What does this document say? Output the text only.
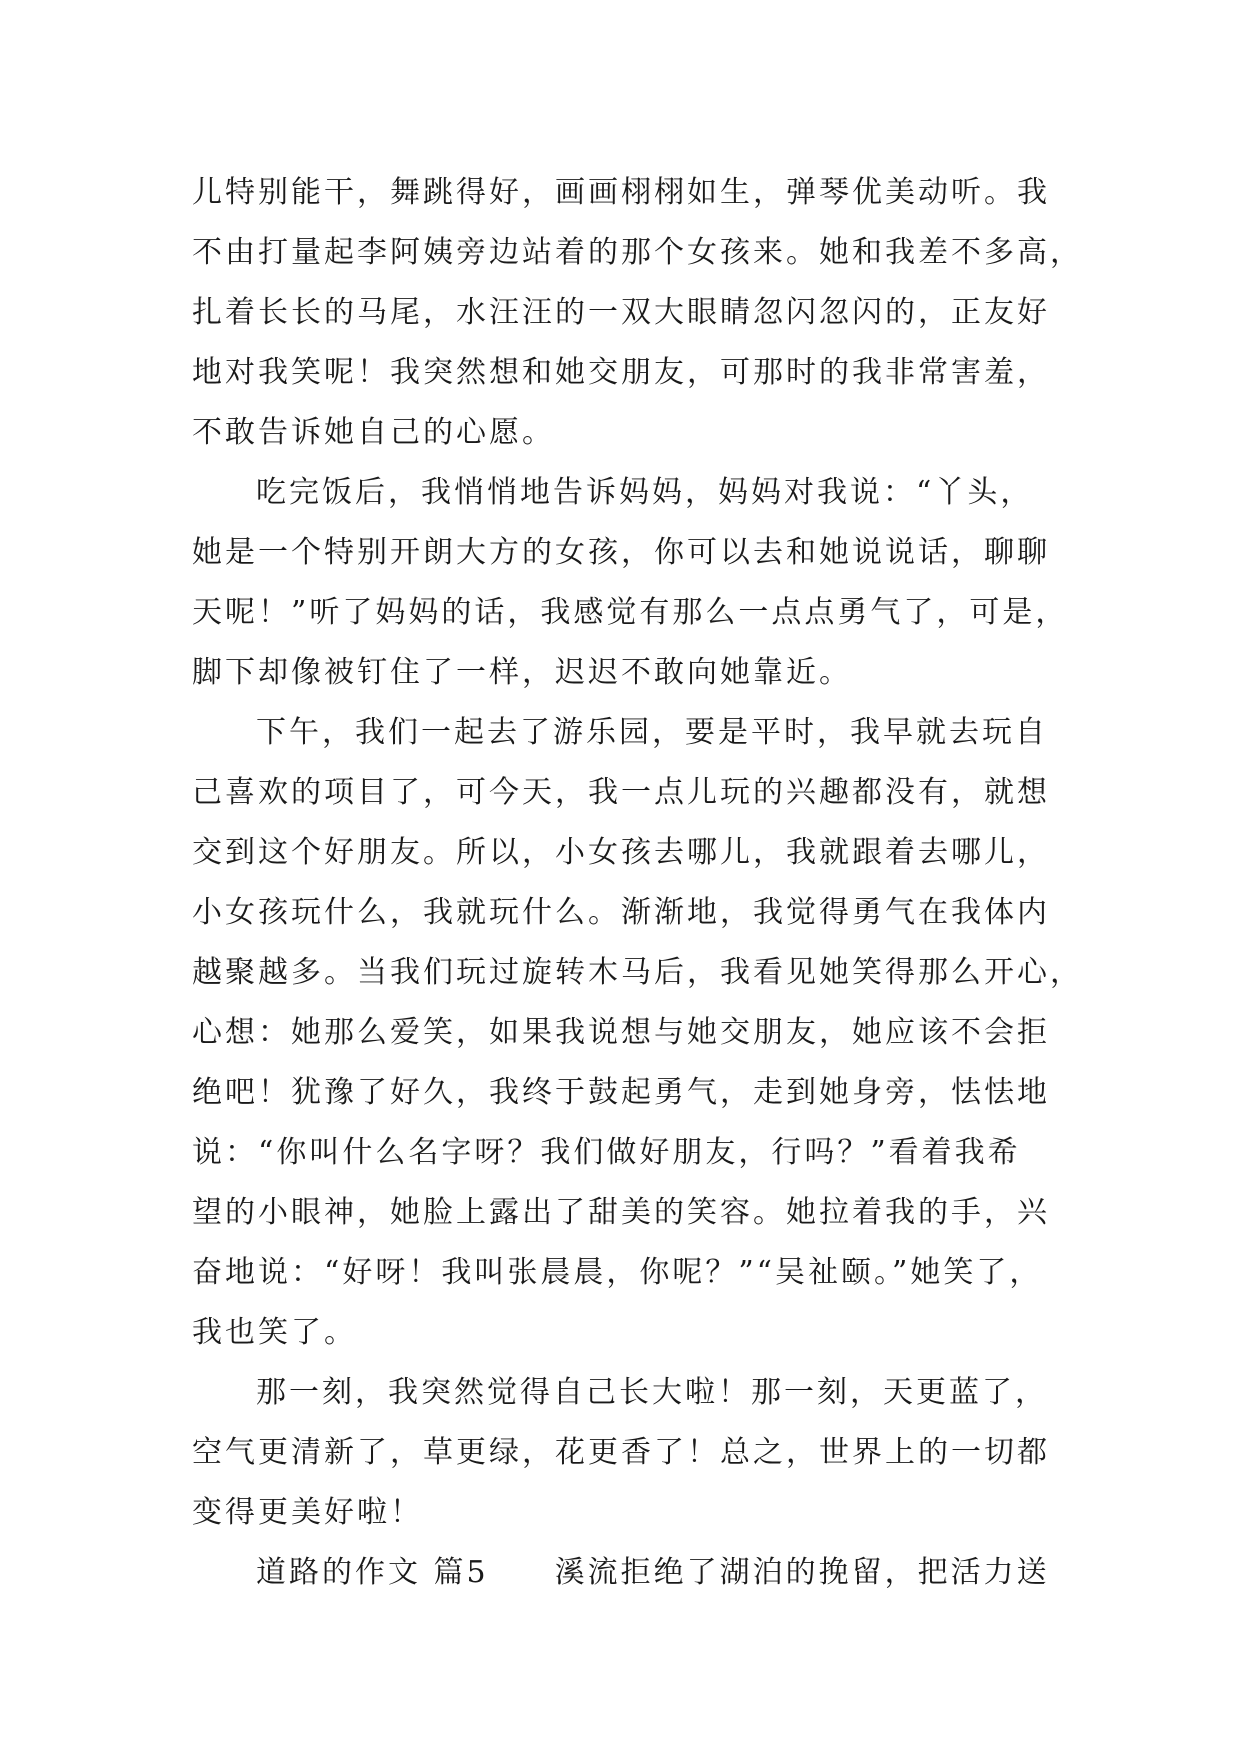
儿特别能干，舞跳得好，画画栩栩如生，弹琴优美动听。我
不由打量起李阿姨旁边站着的那个女孩来。她和我差不多高，
扎着长长的马尾，水汪汪的一双大眼睛忽闪忽闪的，正友好
地对我笑呢！我突然想和她交朋友，可那时的我非常害羞，
不敢告诉她自己的心愿。
吃完饭后，我悄悄地告诉妈妈，妈妈对我说：“丫头，
她是一个特别开朗大方的女孩，你可以去和她说说话，聊聊
天呢！”听了妈妈的话，我感觉有那么一点点勇气了，可是，
脚下却像被钉住了一样，迟迟不敢向她靠近。
下午，我们一起去了游乐园，要是平时，我早就去玩自
己喜欢的项目了，可今天，我一点儿玩的兴趣都没有，就想
交到这个好朋友。所以，小女孩去哪儿，我就跟着去哪儿，
小女孩玩什么，我就玩什么。渐渐地，我觉得勇气在我体内
越聚越多。当我们玩过旋转木马后，我看见她笑得那么开心，
心想：她那么爱笑，如果我说想与她交朋友，她应该不会拒
绝吧！犹豫了好久，我终于鼓起勇气，走到她身旁，怯怯地
说：“你叫什么名字呀？我们做好朋友，行吗？”看着我希
望的小眼神，她脸上露出了甜美的笑容。她拉着我的手，兴
奋地说：“好呀！我叫张晨晨，你呢？”“吴祉颐。”她笑了，
我也笑了。
那一刻，我突然觉得自己长大啦！那一刻，天更蓝了，
空气更清新了，草更绿，花更香了！总之，世界上的一切都
变得更美好啦！
道路的作文 篇5　　溪流拒绝了湖泊的挽留，把活力送
